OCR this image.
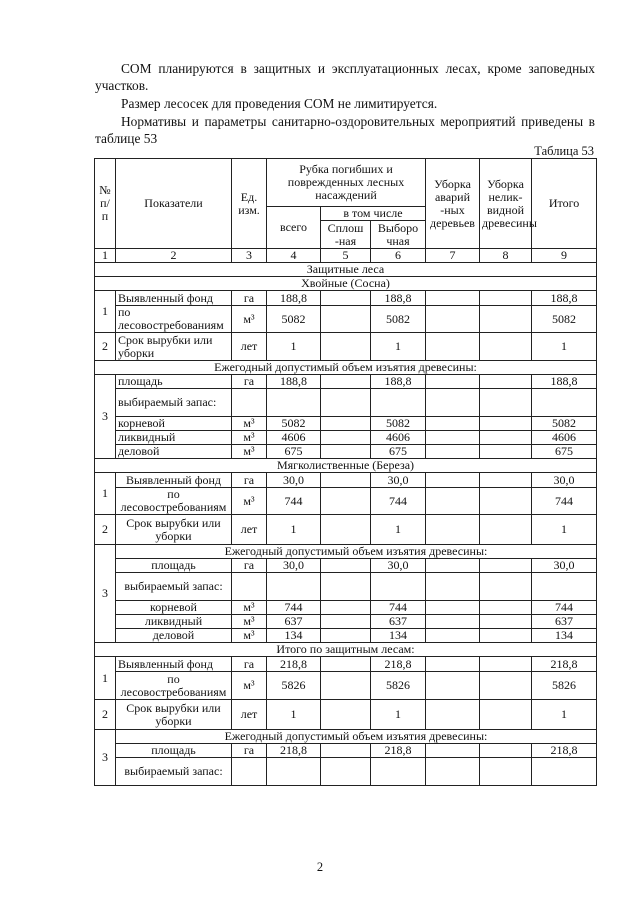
СОМ планируются в защитных и эксплуатационных лесах, кроме заповедных участков.
Размер лесосек для проведения СОМ не лимитируется.
Нормативы и параметры санитарно-оздоровительных мероприятий приведены в таблице 53
Таблица 53
№ п/ п	Показатели	Ед. изм.	Рубка погибших и поврежденных лесных насаждений			Уборка аварий -ных деревьев	Уборка нелик- видной древесины	Итого
			всего	в том числе				
				Сплош -ная	Выборо чная			
1	2	3	4	5	6	7	8	9
Защитные леса								
Хвойные (Сосна)								
1	Выявленный фонд	га	188,8		188,8			188,8
	по лесовостребованиям	м³	5082		5082			5082
2	Срок вырубки или уборки	лет	1		1			1
Ежегодный допустимый объем изъятия древесины:								
3	площадь	га	188,8		188,8			188,8
	выбираемый запас:							
	корневой	м³	5082		5082			5082
	ликвидный	м³	4606		4606			4606
	деловой	м³	675		675			675
Мягколиственные (Береза)								
1	Выявленный фонд	га	30,0		30,0			30,0
	по лесовостребованиям	м³	744		744			744
2	Срок вырубки или уборки	лет	1		1			1
3	Ежегодный допустимый объем изъятия древесины:							
	площадь	га	30,0		30,0			30,0
	выбираемый запас:							
	корневой	м³	744		744			744
	ликвидный	м³	637		637			637
	деловой	м³	134		134			134
Итого по защитным лесам:								
1	Выявленный фонд	га	218,8		218,8			218,8
	по лесовостребованиям	м³	5826		5826			5826
2	Срок вырубки или уборки	лет	1		1			1
3	Ежегодный допустимый объем изъятия древесины:							
	площадь	га	218,8		218,8			218,8
	выбираемый запас:							
2
